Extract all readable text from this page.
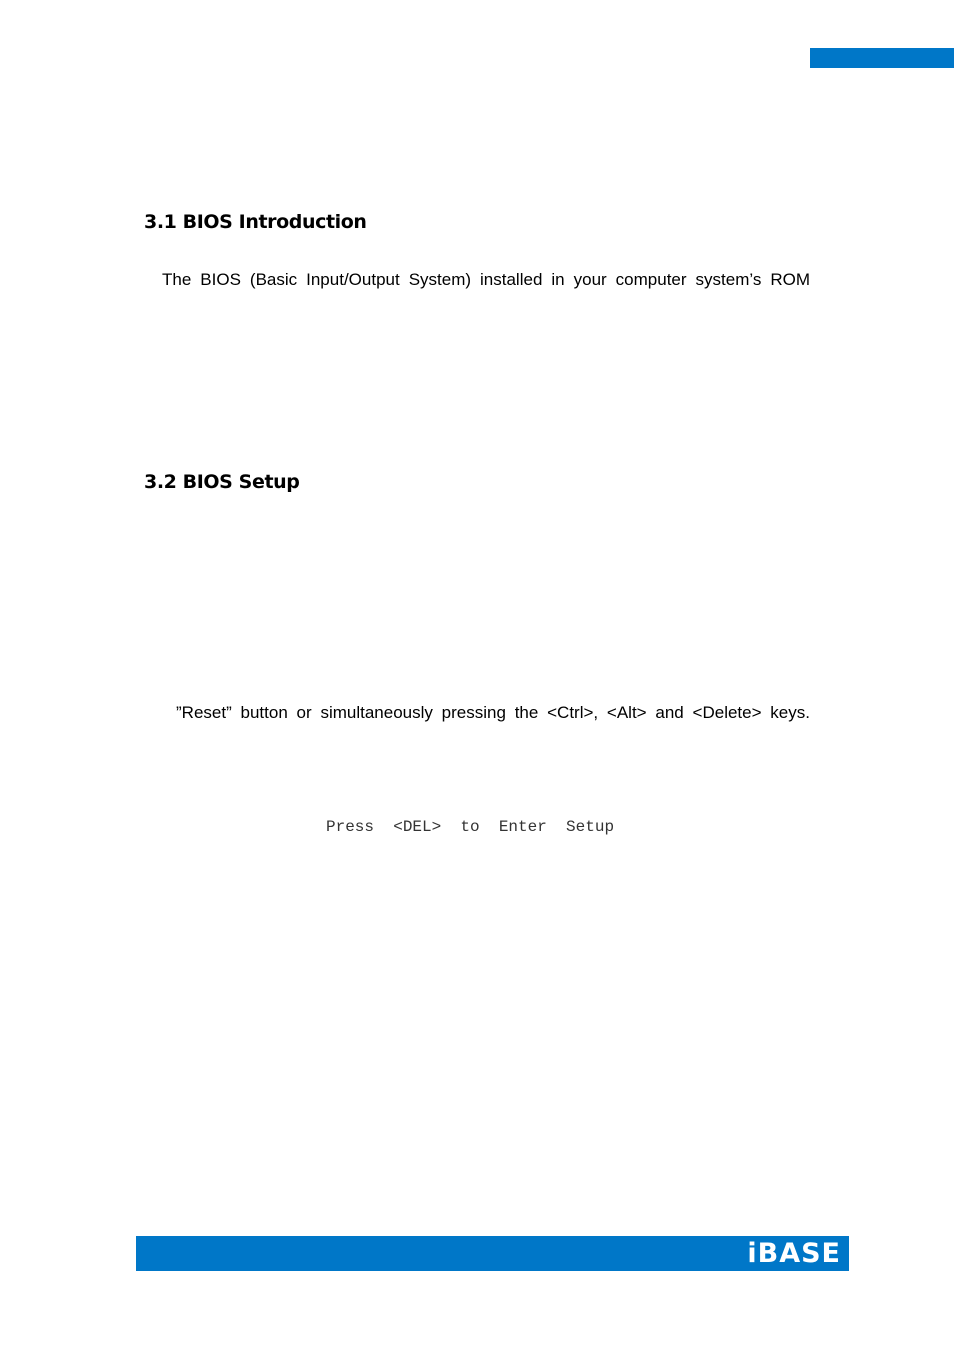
3.1 BIOS Introduction
The BIOS (Basic Input/Output System) installed in your computer system’s ROM
3.2 BIOS Setup
”Reset” button or simultaneously pressing the <Ctrl>, <Alt> and <Delete> keys.
Press  <DEL>  to  Enter  Setup
iBASE
